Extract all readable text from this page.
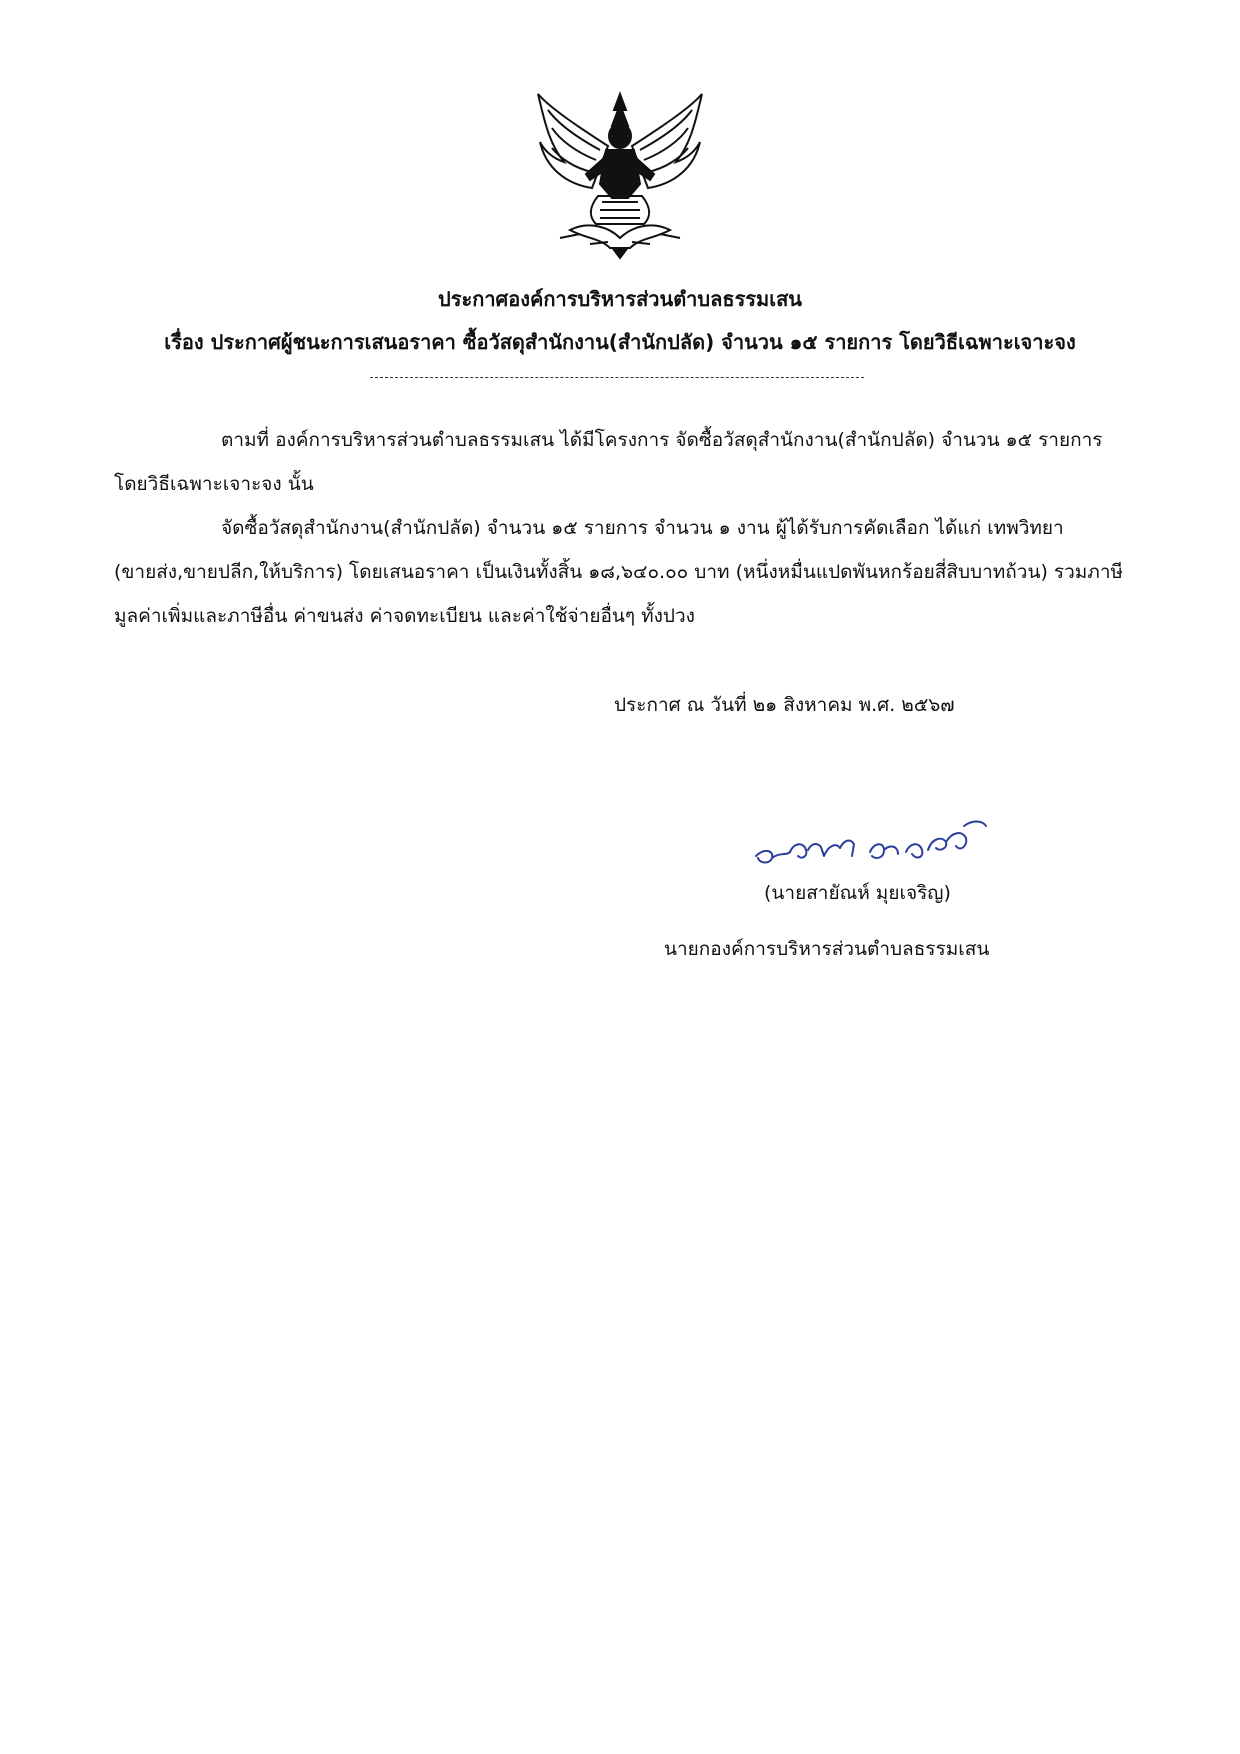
ประกาศองค์การบริหารส่วนตำบลธรรมเสน
เรื่อง ประกาศผู้ชนะการเสนอราคา ซื้อวัสดุสำนักงาน(สำนักปลัด) จำนวน ๑๕ รายการ โดยวิธีเฉพาะเจาะจง
ตามที่ องค์การบริหารส่วนตำบลธรรมเสน ได้มีโครงการ จัดซื้อวัสดุสำนักงาน(สำนักปลัด) จำนวน ๑๕ รายการ โดยวิธีเฉพาะเจาะจง นั้น
จัดซื้อวัสดุสำนักงาน(สำนักปลัด) จำนวน ๑๕ รายการ จำนวน ๑ งาน ผู้ได้รับการคัดเลือก ได้แก่ เทพวิทยา (ขายส่ง,ขายปลีก,ให้บริการ) โดยเสนอราคา เป็นเงินทั้งสิ้น ๑๘,๖๔๐.๐๐ บาท (หนึ่งหมื่นแปดพันหกร้อยสี่สิบบาทถ้วน) รวมภาษีมูลค่าเพิ่มและภาษีอื่น ค่าขนส่ง ค่าจดทะเบียน และค่าใช้จ่ายอื่นๆ ทั้งปวง
ประกาศ ณ วันที่ ๒๑ สิงหาคม พ.ศ. ๒๕๖๗
(นายสายัณห์ มุยเจริญ)
นายกองค์การบริหารส่วนตำบลธรรมเสน
